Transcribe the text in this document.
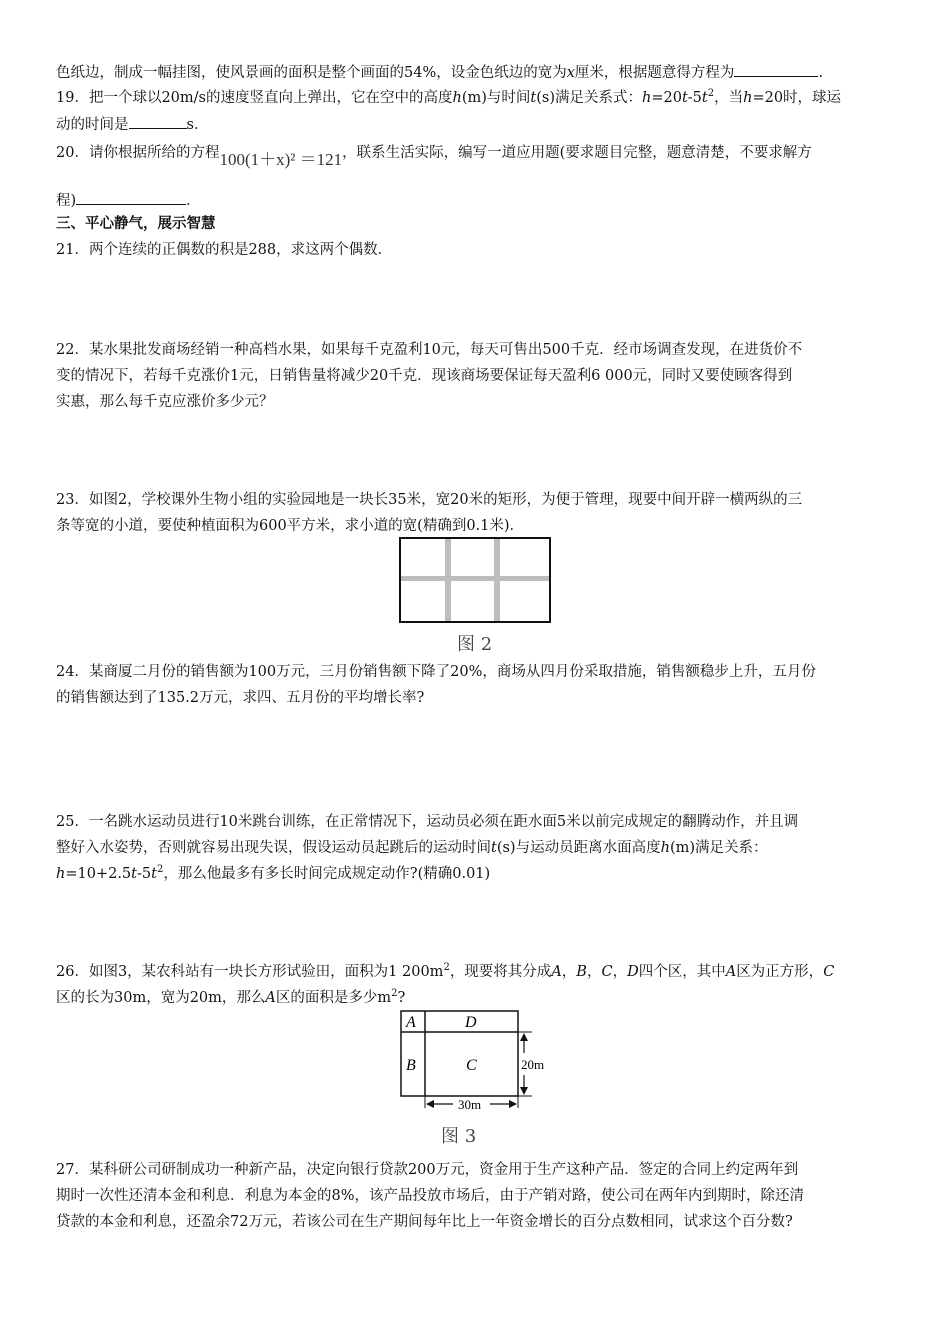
色纸边，制成一幅挂图，使风景画的面积是整个画面的54%，设金色纸边的宽为x厘米，根据题意得方程为	.
19．把一个球以20m/s的速度竖直向上弹出，它在空中的高度h(m)与时间t(s)满足关系式：$h=20t-5t^2$，当h=20时，球运
动的时间是	s．
20．请你根据所给的方程100(1＋x)² ＝121，联系生活实际，编写一道应用题(要求题目完整，题意清楚，不要求解方
程)	．
三、平心静气，展示智慧
21．两个连续的正偶数的积是288，求这两个偶数．
22．某水果批发商场经销一种高档水果，如果每千克盈利10元，每天可售出500千克．经市场调查发现，在进货价不
变的情况下，若每千克涨价1元，日销售量将减少20千克．现该商场要保证每天盈利6 000元，同时又要使顾客得到
实惠，那么每千克应涨价多少元？
23．如图2，学校课外生物小组的实验园地是一块长35米，宽20米的矩形，为便于管理，现要中间开辟一横两纵的三
条等宽的小道，要使种植面积为600平方米，求小道的宽(精确到0.1米)．
图 2
24．某商厦二月份的销售额为100万元，三月份销售额下降了20%，商场从四月份采取措施，销售额稳步上升，五月份
的销售额达到了135.2万元，求四、五月份的平均增长率?
25．一名跳水运动员进行10米跳台训练，在正常情况下，运动员必须在距水面5米以前完成规定的翻腾动作，并且调
整好入水姿势，否则就容易出现失误，假设运动员起跳后的运动时间t(s)与运动员距离水面高度h(m)满足关系：
$h=10+2.5t-5t^2$，那么他最多有多长时间完成规定动作?(精确0.01)
26．如图3，某农科站有一块长方形试验田，面积为1 $200m^2$，现要将其分成A，B，C，D四个区，其中A区为正方形，C
区的长为30m，宽为20m，那么A区的面积是多少$m^2$?
A	D
B	C	20m
30m
图 3
27．某科研公司研制成功一种新产品，决定向银行贷款200万元，资金用于生产这种产品．签定的合同上约定两年到
期时一次性还清本金和利息．利息为本金的8%，该产品投放市场后，由于产销对路，使公司在两年内到期时，除还清
贷款的本金和利息，还盈余72万元，若该公司在生产期间每年比上一年资金增长的百分点数相同，试求这个百分数?
